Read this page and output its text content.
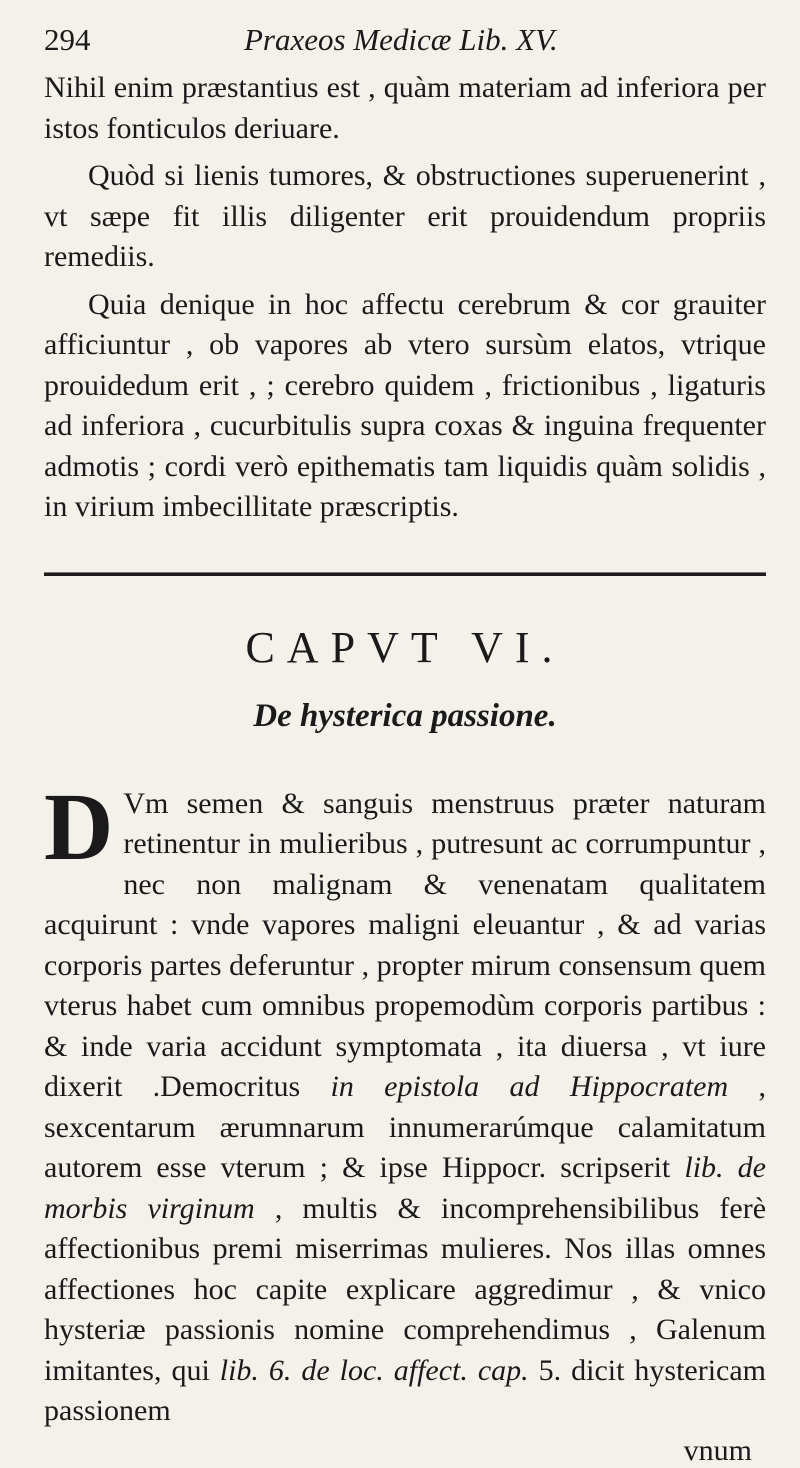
294	Praxeos Medicæ Lib. XV.

Nihil enim præstantius est , quàm materiam ad inferiora per istos fonticulos deriuare.

Quòd si lienis tumores, & obstructiones superuenerint , vt sæpe fit illis diligenter erit prouidendum propriis remediis.

Quia denique in hoc affectu cerebrum & cor grauiter afficiuntur , ob vapores ab vtero sursùm elatos, vtrique prouidedum erit , ; cerebro quidem , frictionibus , ligaturis ad inferiora , cucurbitulis supra coxas & inguina frequenter admotis ; cordi verò epithematis tam liquidis quàm solidis , in virium imbecillitate præscriptis.

CAPVT VI.
De hysterica passione.

D Vm semen & sanguis menstruus præter naturam retinentur in mulieribus , putresunt ac corrumpuntur , nec non malignam & venenatam qualitatem acquirunt : vnde vapores maligni eleuantur , & ad varias corporis partes deferuntur , propter mirum consensum quem vterus habet cum omnibus propemodùm corporis partibus : & inde varia accidunt symptomata , ita diuersa , vt iure dixerit .Democritus in epistola ad Hippocratem , sexcentarum ærumnarum innumerarúmque calamitatum autorem esse vterum ; & ipse Hippocr. scripserit lib. de morbis virginum , multis & incomprehensibilibus ferè affectionibus premi miserrimas mulieres. Nos illas omnes affectiones hoc capite explicare aggredimur , & vnico hysteriæ passionis nomine comprehendimus , Galenum imitantes, qui lib. 6. de loc. affect. cap. 5. dicit hystericam passionem

vnum
